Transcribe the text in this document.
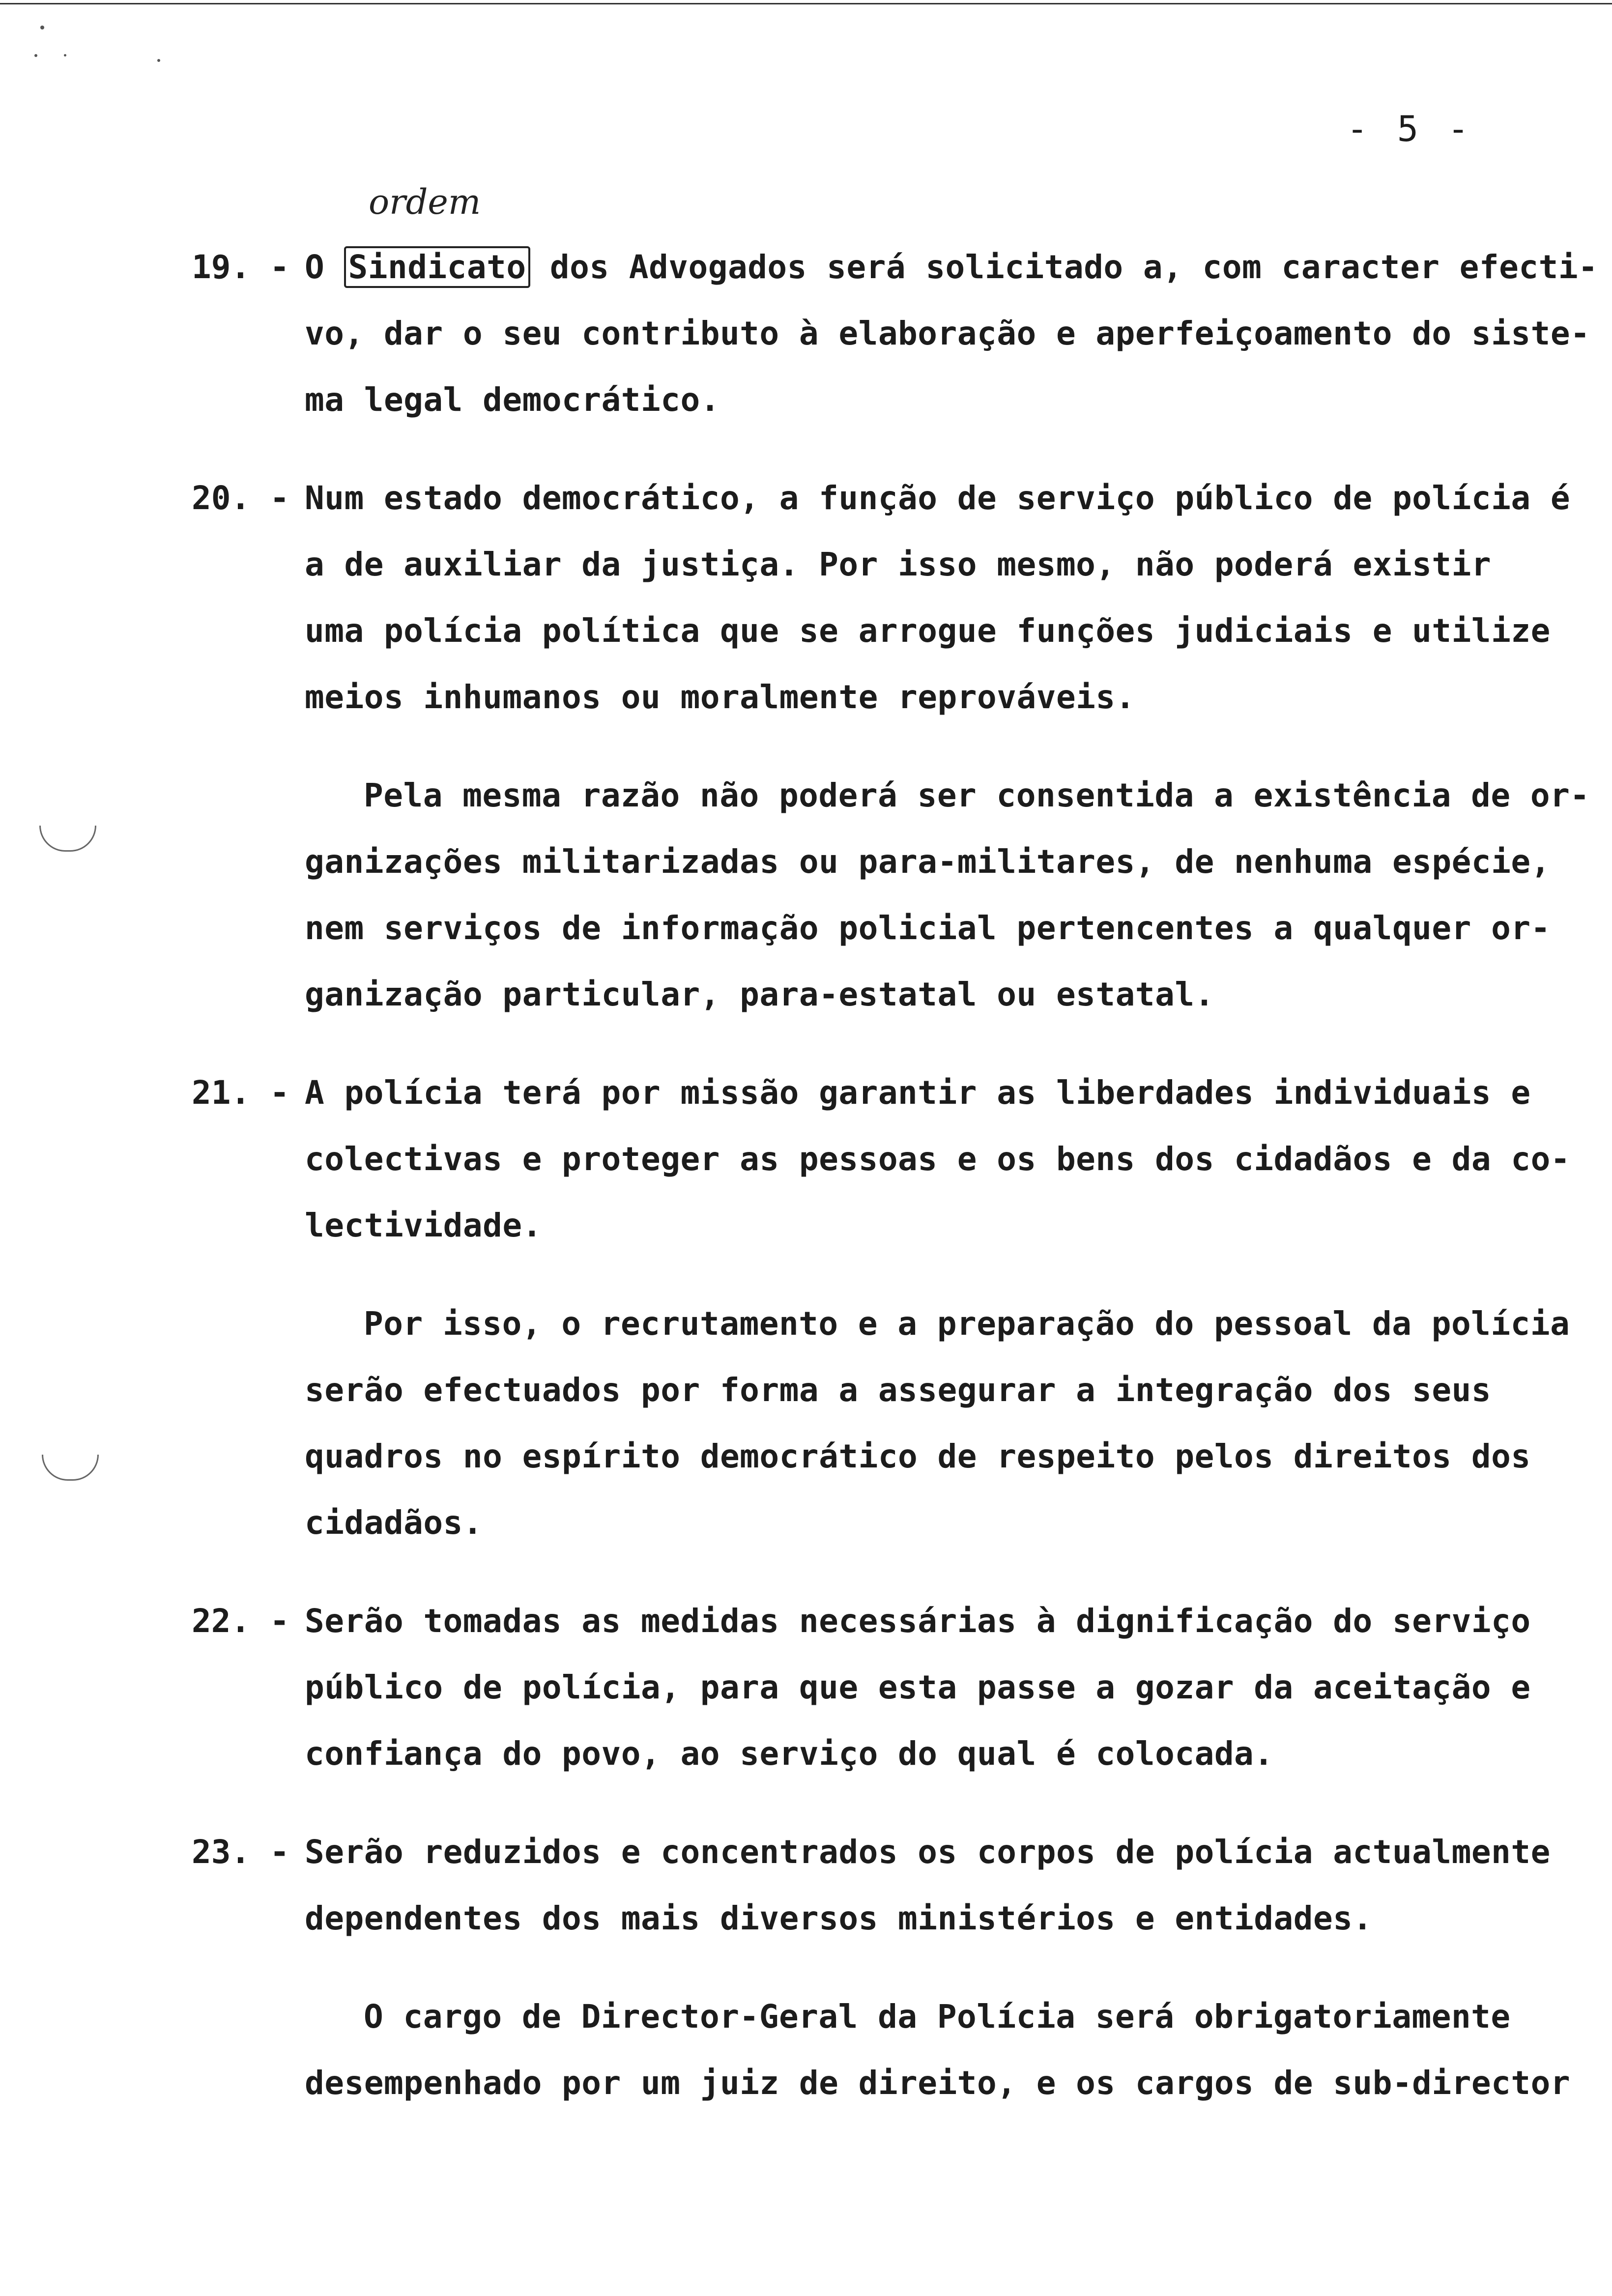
- 5 -
ordem
19. - O Sindicato dos Advogados será solicitado a, com caracter efecti-
vo, dar o seu contributo à elaboração e aperfeiçoamento do siste-
ma legal democrático.
20. - Num estado democrático, a função de serviço público de polícia é
a de auxiliar da justiça. Por isso mesmo, não poderá existir
uma polícia política que se arrogue funções judiciais e utilize
meios inhumanos ou moralmente reprováveis.
Pela mesma razão não poderá ser consentida a existência de or-
ganizações militarizadas ou para-militares, de nenhuma espécie,
nem serviços de informação policial pertencentes a qualquer or-
ganização particular, para-estatal ou estatal.
21. - A polícia terá por missão garantir as liberdades individuais e
colectivas e proteger as pessoas e os bens dos cidadãos e da co-
lectividade.
Por isso, o recrutamento e a preparação do pessoal da polícia
serão efectuados por forma a assegurar a integração dos seus
quadros no espírito democrático de respeito pelos direitos dos
cidadãos.
22. - Serão tomadas as medidas necessárias à dignificação do serviço
público de polícia, para que esta passe a gozar da aceitação e
confiança do povo, ao serviço do qual é colocada.
23. - Serão reduzidos e concentrados os corpos de polícia actualmente
dependentes dos mais diversos ministérios e entidades.
O cargo de Director-Geral da Polícia será obrigatoriamente
desempenhado por um juiz de direito, e os cargos de sub-director
